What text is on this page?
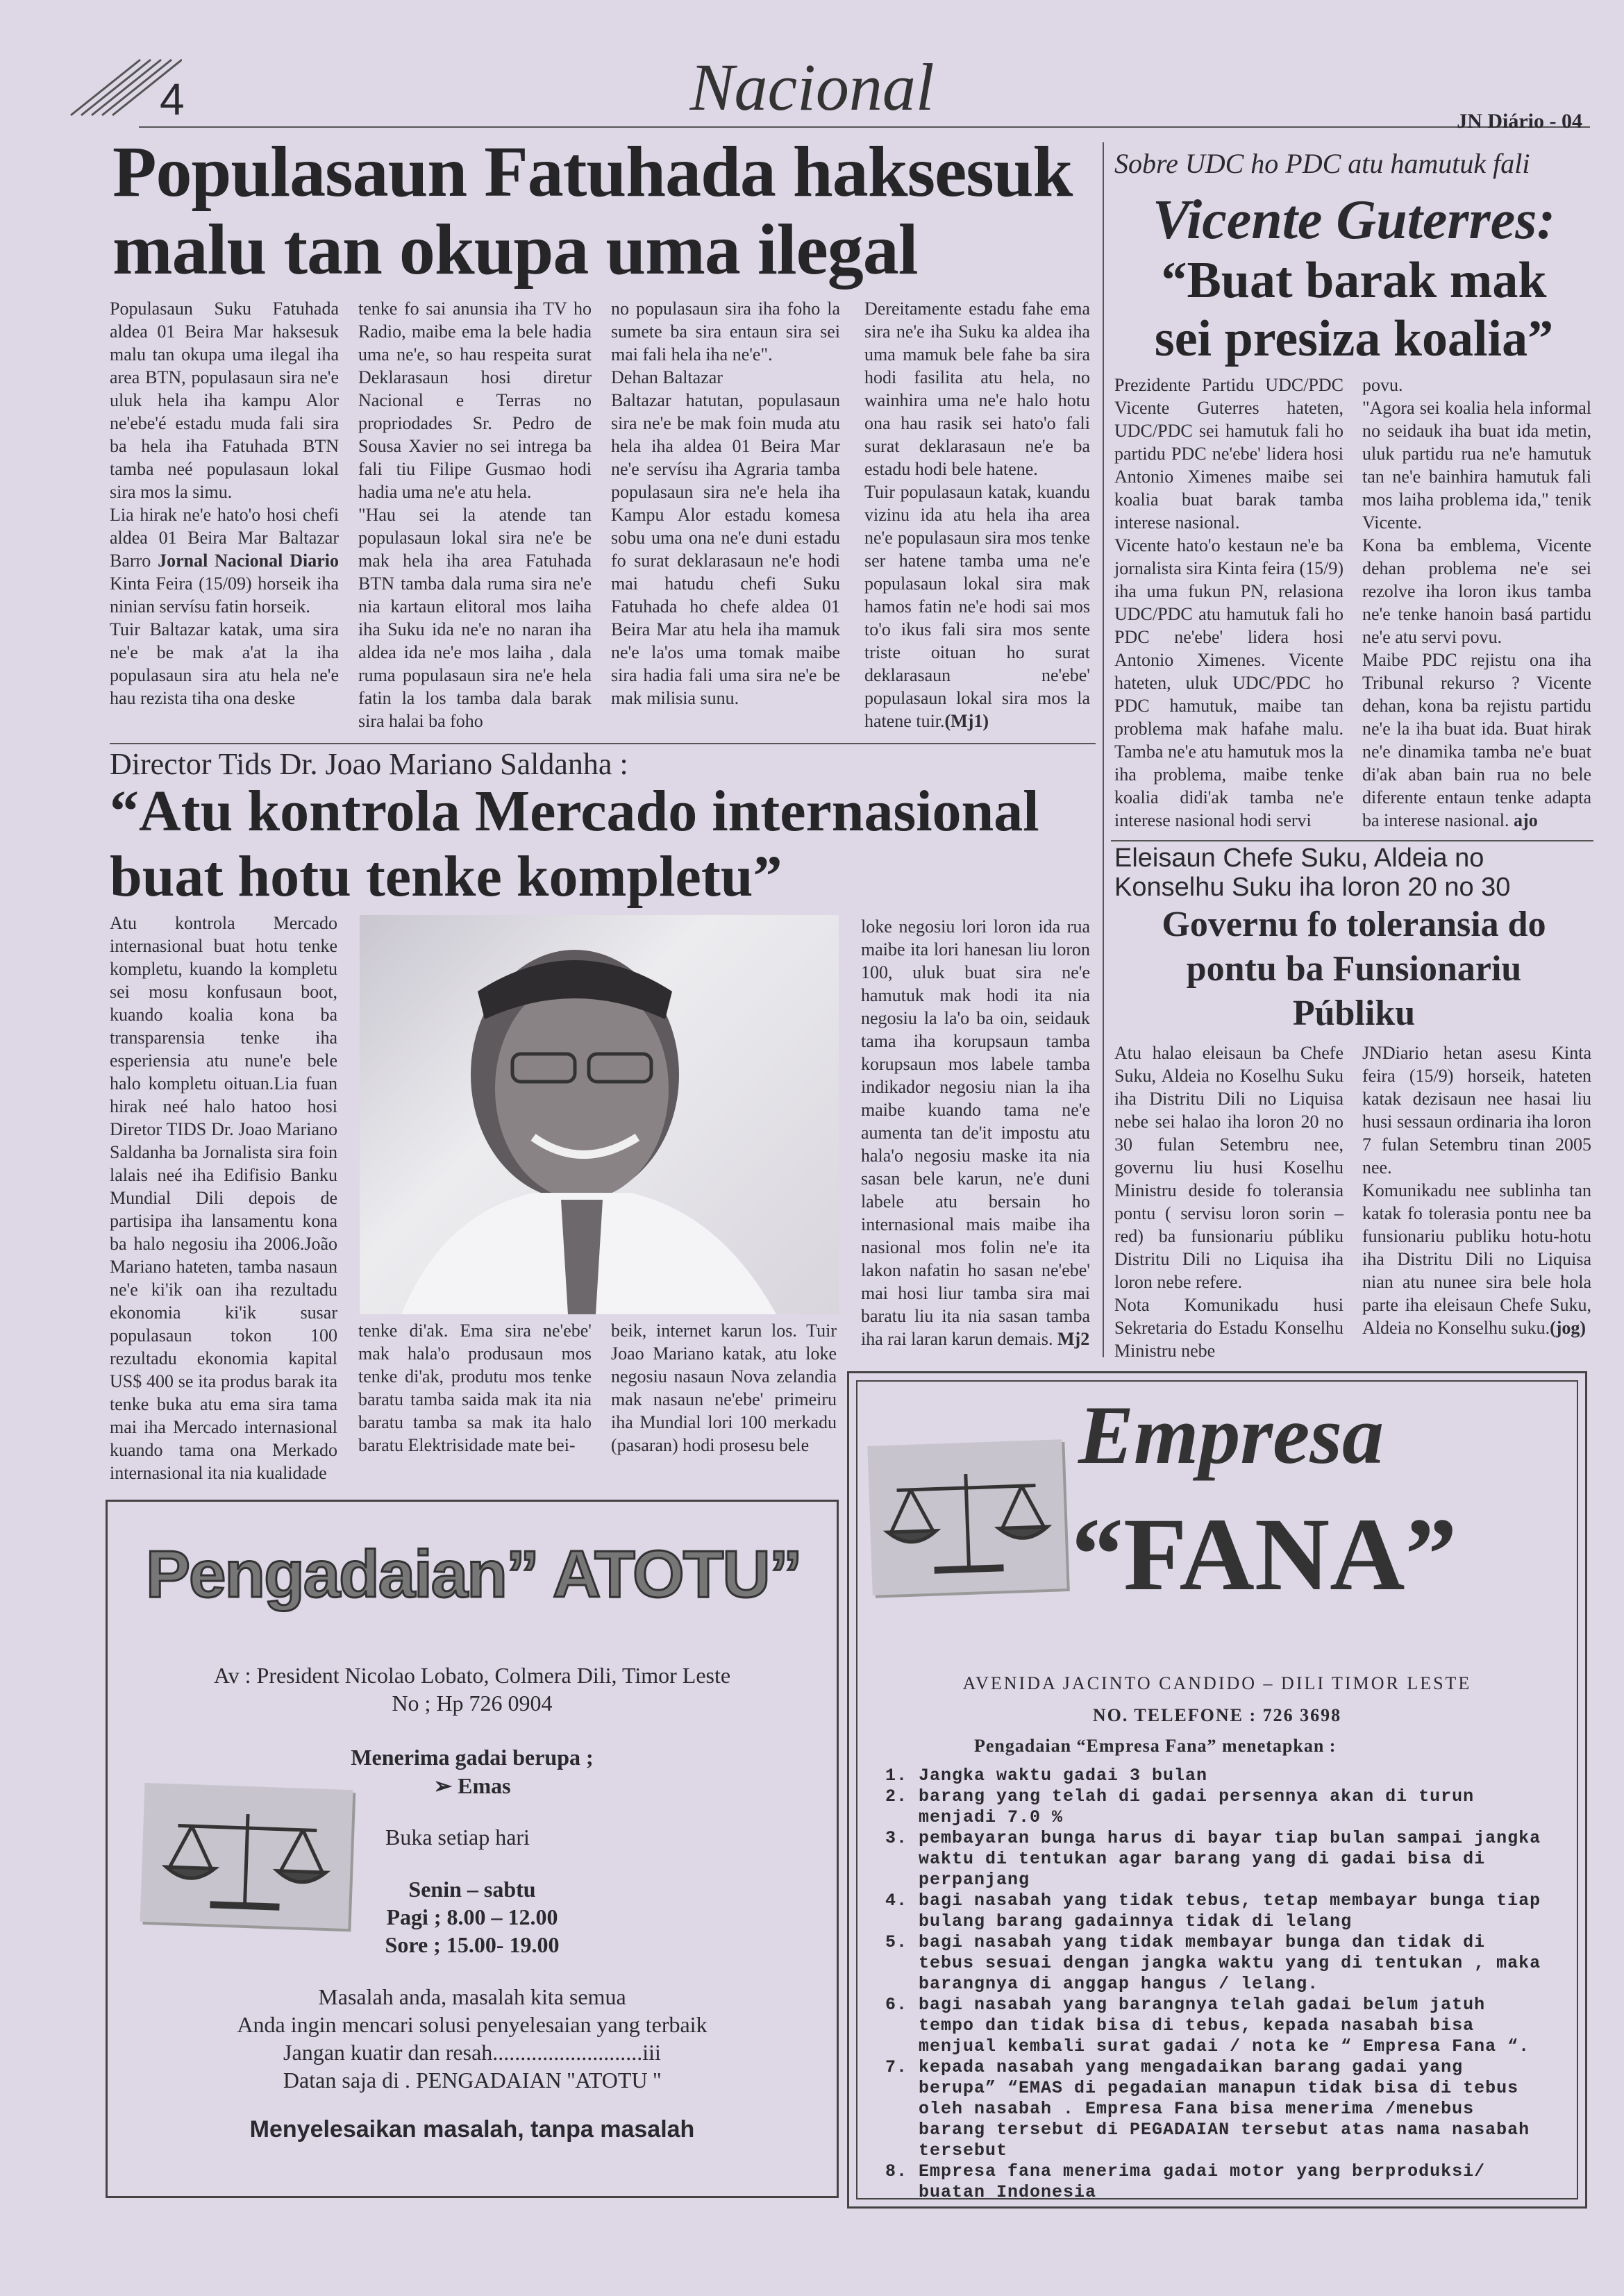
4	Nacional	JN Diário - 04
Populasaun Fatuhada haksesuk
malu tan okupa uma ilegal

Populasaun Suku Fatuhada aldea 01 Beira Mar haksesuk malu tan okupa uma ilegal iha area BTN, populasaun sira ne'e uluk hela iha kampu Alor ne'ebe'é estadu muda fali sira ba hela iha Fatuhada BTN tamba neé populasaun lokal sira mos la simu.

Lia hirak ne'e hato'o hosi chefi aldea 01 Beira Mar Baltazar Barro Jornal Nacional Diario Kinta Feira (15/09) horseik iha ninian servísu fatin horseik.

Tuir Baltazar katak, uma sira ne'e be mak a'at la iha populasaun sira atu hela ne'e hau rezista tiha ona deske

tenke fo sai anunsia iha TV ho Radio, maibe ema la bele hadia uma ne'e, so hau respeita surat Deklarasaun hosi diretur Nacional e Terras no propriodades Sr. Pedro de Sousa Xavier no sei intrega ba fali tiu Filipe Gusmao hodi hadia uma ne'e atu hela.

"Hau sei la atende tan populasaun lokal sira ne'e be mak hela iha area Fatuhada BTN tamba dala ruma sira ne'e nia kartaun elitoral mos laiha iha Suku ida ne'e no naran iha aldea ida ne'e mos laiha , dala ruma populasaun sira ne'e hela fatin la los tamba dala barak sira halai ba foho

no populasaun sira iha foho la sumete ba sira entaun sira sei mai fali hela iha ne'e".

Dehan Baltazar

Baltazar hatutan, populasaun sira ne'e be mak foin muda atu hela iha aldea 01 Beira Mar ne'e servísu iha Agraria tamba populasaun sira ne'e hela iha Kampu Alor estadu komesa sobu uma ona ne'e duni estadu fo surat deklarasaun ne'e hodi mai hatudu chefi Suku Fatuhada ho chefe aldea 01 Beira Mar atu hela iha mamuk ne'e la'os uma tomak maibe sira hadia fali uma sira ne'e be mak milisia sunu.

Dereitamente estadu fahe ema sira ne'e iha Suku ka aldea iha uma mamuk bele fahe ba sira hodi fasilita atu hela, no wainhira uma ne'e halo hotu ona hau rasik sei hato'o fali surat deklarasaun ne'e ba estadu hodi bele hatene.

Tuir populasaun katak, kuandu vizinu ida atu hela iha area ne'e populasaun sira mos tenke ser hatene tamba uma ne'e populasaun lokal sira mak hamos fatin ne'e hodi sai mos to'o ikus fali sira mos sente triste oituan ho surat deklarasaun ne'ebe' populasaun lokal sira mos la hatene tuir.(Mj1)

Sobre UDC ho PDC atu hamutuk fali
Vicente Guterres:
“Buat barak mak
sei presiza koalia”

Prezidente Partidu UDC/PDC Vicente Guterres hateten, UDC/PDC sei hamutuk fali ho partidu PDC ne'ebe' lidera hosi Antonio Ximenes maibe sei koalia buat barak tamba interese nasional.

Vicente hato'o kestaun ne'e ba jornalista sira Kinta feira (15/9) iha uma fukun PN, relasiona UDC/PDC atu hamutuk fali ho PDC ne'ebe' lidera hosi Antonio Ximenes. Vicente hateten, uluk UDC/PDC ho PDC hamutuk, maibe tan problema mak hafahe malu. Tamba ne'e atu hamutuk mos la iha problema, maibe tenke koalia didi'ak tamba ne'e interese nasional hodi servi

povu.

"Agora sei koalia hela informal no seidauk iha buat ida metin, uluk partidu rua ne'e hamutuk tan ne'e bainhira hamutuk fali mos laiha problema ida," tenik Vicente.

Kona ba emblema, Vicente dehan problema ne'e sei rezolve iha loron ikus tamba ne'e tenke hanoin basá partidu ne'e atu servi povu.

Maibe PDC rejistu ona iha Tribunal rekurso ? Vicente dehan, kona ba rejistu partidu ne'e la iha buat ida. Buat hirak ne'e dinamika tamba ne'e buat di'ak aban bain rua no bele diferente entaun tenke adapta ba interese nasional. ajo

Director Tids Dr. Joao Mariano Saldanha :
“Atu kontrola Mercado internasional
buat hotu tenke kompletu”

Atu kontrola Mercado internasional buat hotu tenke kompletu, kuando la kompletu sei mosu konfusaun boot, kuando koalia kona ba transparensia tenke iha esperiensia atu nune'e bele halo kompletu oituan.Lia fuan hirak neé halo hatoo hosi Diretor TIDS Dr. Joao Mariano Saldanha ba Jornalista sira foin lalais neé iha Edifisio Banku Mundial Dili depois de partisipa iha lansamentu kona ba halo negosiu iha 2006.João Mariano hateten, tamba nasaun ne'e ki'ik oan iha rezultadu ekonomia ki'ik susar populasaun tokon 100 rezultadu ekonomia kapital US$ 400 se ita produs barak ita tenke buka atu ema sira tama mai iha Mercado internasional kuando tama ona Merkado internasional ita nia kualidade

tenke di'ak. Ema sira ne'ebe' mak hala'o produsaun mos tenke di'ak, produtu mos tenke baratu tamba saida mak ita nia baratu tamba sa mak ita halo baratu Elektrisidade mate bei-

beik, internet karun los. Tuir Joao Mariano katak, atu loke negosiu nasaun Nova zelandia mak nasaun ne'ebe' primeiru iha Mundial lori 100 merkadu (pasaran) hodi prosesu bele

loke negosiu lori loron ida rua maibe ita lori hanesan liu loron 100, uluk buat sira ne'e hamutuk mak hodi ita nia negosiu la la'o ba oin, seidauk tama iha korupsaun tamba korupsaun mos labele tamba indikador negosiu nian la iha maibe kuando tama ne'e aumenta tan de'it impostu atu hala'o negosiu maske ita nia sasan bele karun, ne'e duni labele atu bersain ho internasional mais maibe iha nasional mos folin ne'e ita lakon nafatin ho sasan ne'ebe' mai hosi liur tamba sira mai baratu liu ita nia sasan tamba iha rai laran karun demais. Mj2

Eleisaun Chefe Suku, Aldeia no Konselhu Suku iha loron 20 no 30
Governu fo toleransia do
pontu ba Funsionariu
Públiku

Atu halao eleisaun ba Chefe Suku, Aldeia no Koselhu Suku iha Distritu Dili no Liquisa nebe sei halao iha loron 20 no 30 fulan Setembru nee, governu liu husi Koselhu Ministru deside fo toleransia pontu ( servisu loron sorin – red) ba funsionariu públiku Distritu Dili no Liquisa iha loron nebe refere.

Nota Komunikadu husi Sekretaria do Estadu Konselhu Ministru nebe

JNDiario hetan asesu Kinta feira (15/9) horseik, hateten katak dezisaun nee hasai liu husi sessaun ordinaria iha loron 7 fulan Setembru tinan 2005 nee.

Komunikadu nee sublinha tan katak fo tolerasia pontu nee ba funsionariu publiku hotu-hotu iha Distritu Dili no Liquisa nian atu nunee sira bele hola parte iha eleisaun Chefe Suku, Aldeia no Konselhu suku.(jog)

Pengadaian” ATOTU”
Av : President Nicolao Lobato, Colmera Dili, Timor Leste
No ; Hp 726 0904
Menerima gadai berupa ;
➢ Emas
Buka setiap hari
Senin – sabtu
Pagi ; 8.00 – 12.00
Sore ; 15.00- 19.00
Masalah anda, masalah kita semua
Anda ingin mencari solusi penyelesaian yang terbaik
Jangan kuatir dan resah...........................iii
Datan saja di . PENGADAIAN ''ATOTU ''
Menyelesaikan masalah, tanpa masalah
Empresa
“FANA”
AVENIDA JACINTO CANDIDO – DILI TIMOR LESTE
NO. TELEFONE : 726 3698
Pengadaian “Empresa Fana” menetapkan :
1. Jangka waktu gadai 3 bulan
2. barang yang telah di gadai persennya akan di turun menjadi 7.0 %
3. pembayaran bunga harus di bayar tiap bulan sampai jangka waktu di tentukan agar barang yang di gadai bisa di perpanjang
4. bagi nasabah yang tidak tebus, tetap membayar bunga tiap bulang barang gadainnya tidak di lelang
5. bagi nasabah yang tidak membayar bunga dan tidak di tebus sesuai dengan jangka waktu yang di tentukan , maka barangnya di anggap hangus / lelang.
6. bagi nasabah yang barangnya telah gadai belum jatuh tempo dan tidak bisa di tebus, kepada nasabah bisa menjual kembali surat gadai / nota ke “ Empresa Fana “.
7. kepada nasabah yang mengadaikan barang gadai yang berupa” “EMAS di pegadaian manapun tidak bisa di tebus oleh nasabah . Empresa Fana bisa menerima /menebus barang tersebut di PEGADAIAN tersebut atas nama nasabah tersebut
8. Empresa fana menerima gadai motor yang berproduksi/ buatan Indonesia
